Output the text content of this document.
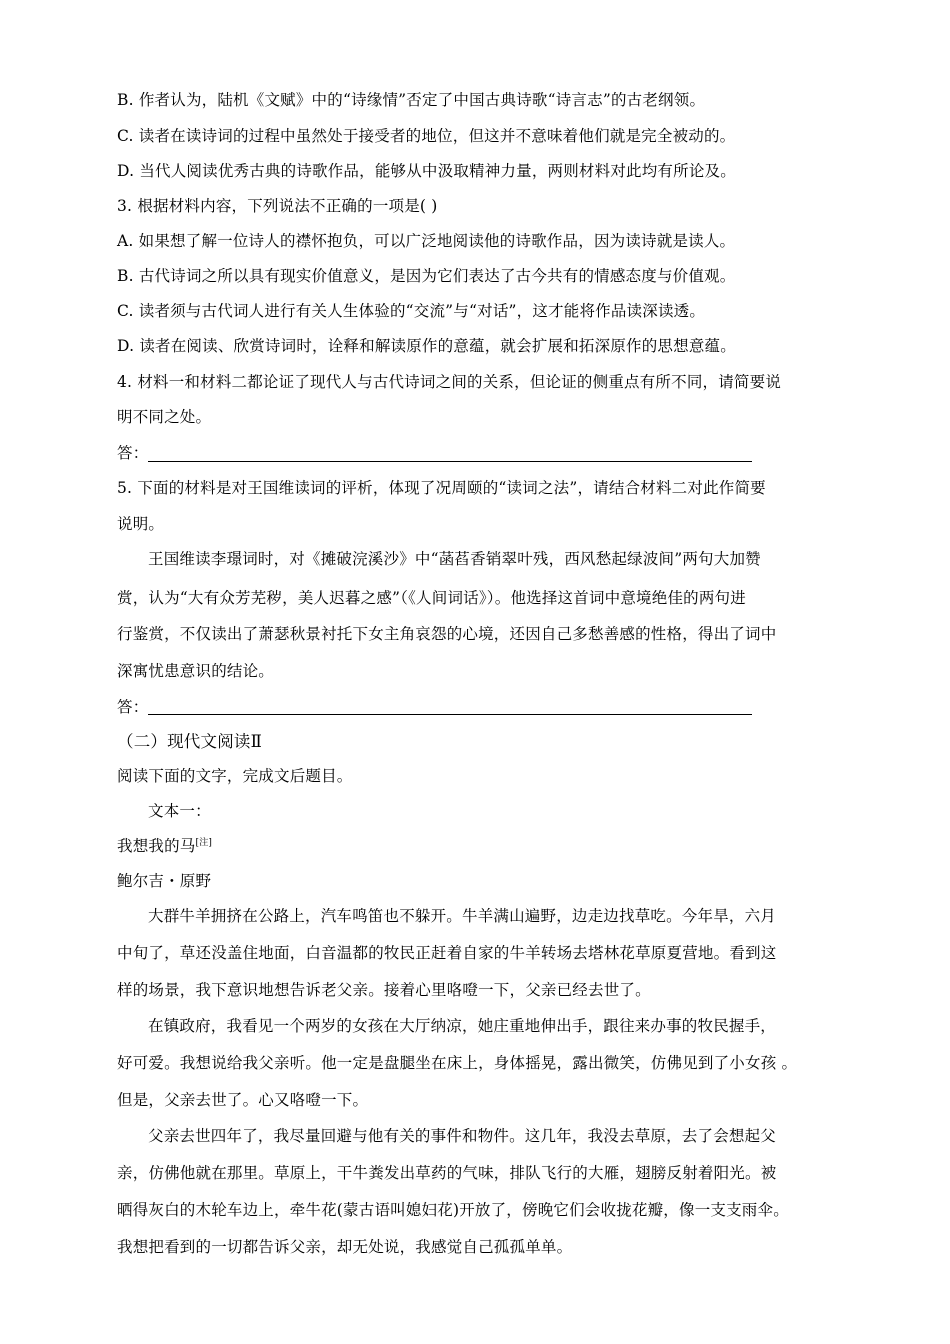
B. 作者认为，陆机《文赋》中的“诗缘情”否定了中国古典诗歌“诗言志”的古老纲领。
C. 读者在读诗词的过程中虽然处于接受者的地位，但这并不意味着他们就是完全被动的。
D. 当代人阅读优秀古典的诗歌作品，能够从中汲取精神力量，两则材料对此均有所论及。
3. 根据材料内容，下列说法不正确的一项是( )
A. 如果想了解一位诗人的襟怀抱负，可以广泛地阅读他的诗歌作品，因为读诗就是读人。
B. 古代诗词之所以具有现实价值意义，是因为它们表达了古今共有的情感态度与价值观。
C. 读者须与古代词人进行有关人生体验的“交流”与“对话”，这才能将作品读深读透。
D. 读者在阅读、欣赏诗词时，诠释和解读原作的意蕴，就会扩展和拓深原作的思想意蕴。
4. 材料一和材料二都论证了现代人与古代诗词之间的关系，但论证的侧重点有所不同，请简要说
明不同之处。
答：
5. 下面的材料是对王国维读词的评析，体现了况周颐的“读词之法”，请结合材料二对此作简要
说明。
王国维读李璟词时，对《摊破浣溪沙》中“菡萏香销翠叶残，西风愁起绿波间”两句大加赞
赏，认为“大有众芳芜秽，美人迟暮之感”（《人间词话》）。他选择这首词中意境绝佳的两句进
行鉴赏，不仅读出了萧瑟秋景衬托下女主角哀怨的心境，还因自己多愁善感的性格，得出了词中
深寓忧患意识的结论。
答：
（二）现代文阅读Ⅱ
阅读下面的文字，完成文后题目。
文本一：
我想我的马[注]
鲍尔吉・原野
大群牛羊拥挤在公路上，汽车鸣笛也不躲开。牛羊满山遍野，边走边找草吃。今年旱，六月
中旬了，草还没盖住地面，白音温都的牧民正赶着自家的牛羊转场去塔林花草原夏营地。看到这
样的场景，我下意识地想告诉老父亲。接着心里咯噔一下，父亲已经去世了。
在镇政府，我看见一个两岁的女孩在大厅纳凉，她庄重地伸出手，跟往来办事的牧民握手，
好可爱。我想说给我父亲听。他一定是盘腿坐在床上，身体摇晃，露出微笑，仿佛见到了小女孩 。
但是，父亲去世了。心又咯噔一下。
父亲去世四年了，我尽量回避与他有关的事件和物件。这几年，我没去草原，去了会想起父
亲，仿佛他就在那里。草原上，干牛粪发出草药的气味，排队飞行的大雁，翅膀反射着阳光。被
晒得灰白的木轮车边上，牵牛花(蒙古语叫媳妇花)开放了，傍晚它们会收拢花瓣，像一支支雨伞。
我想把看到的一切都告诉父亲，却无处说，我感觉自己孤孤单单。
